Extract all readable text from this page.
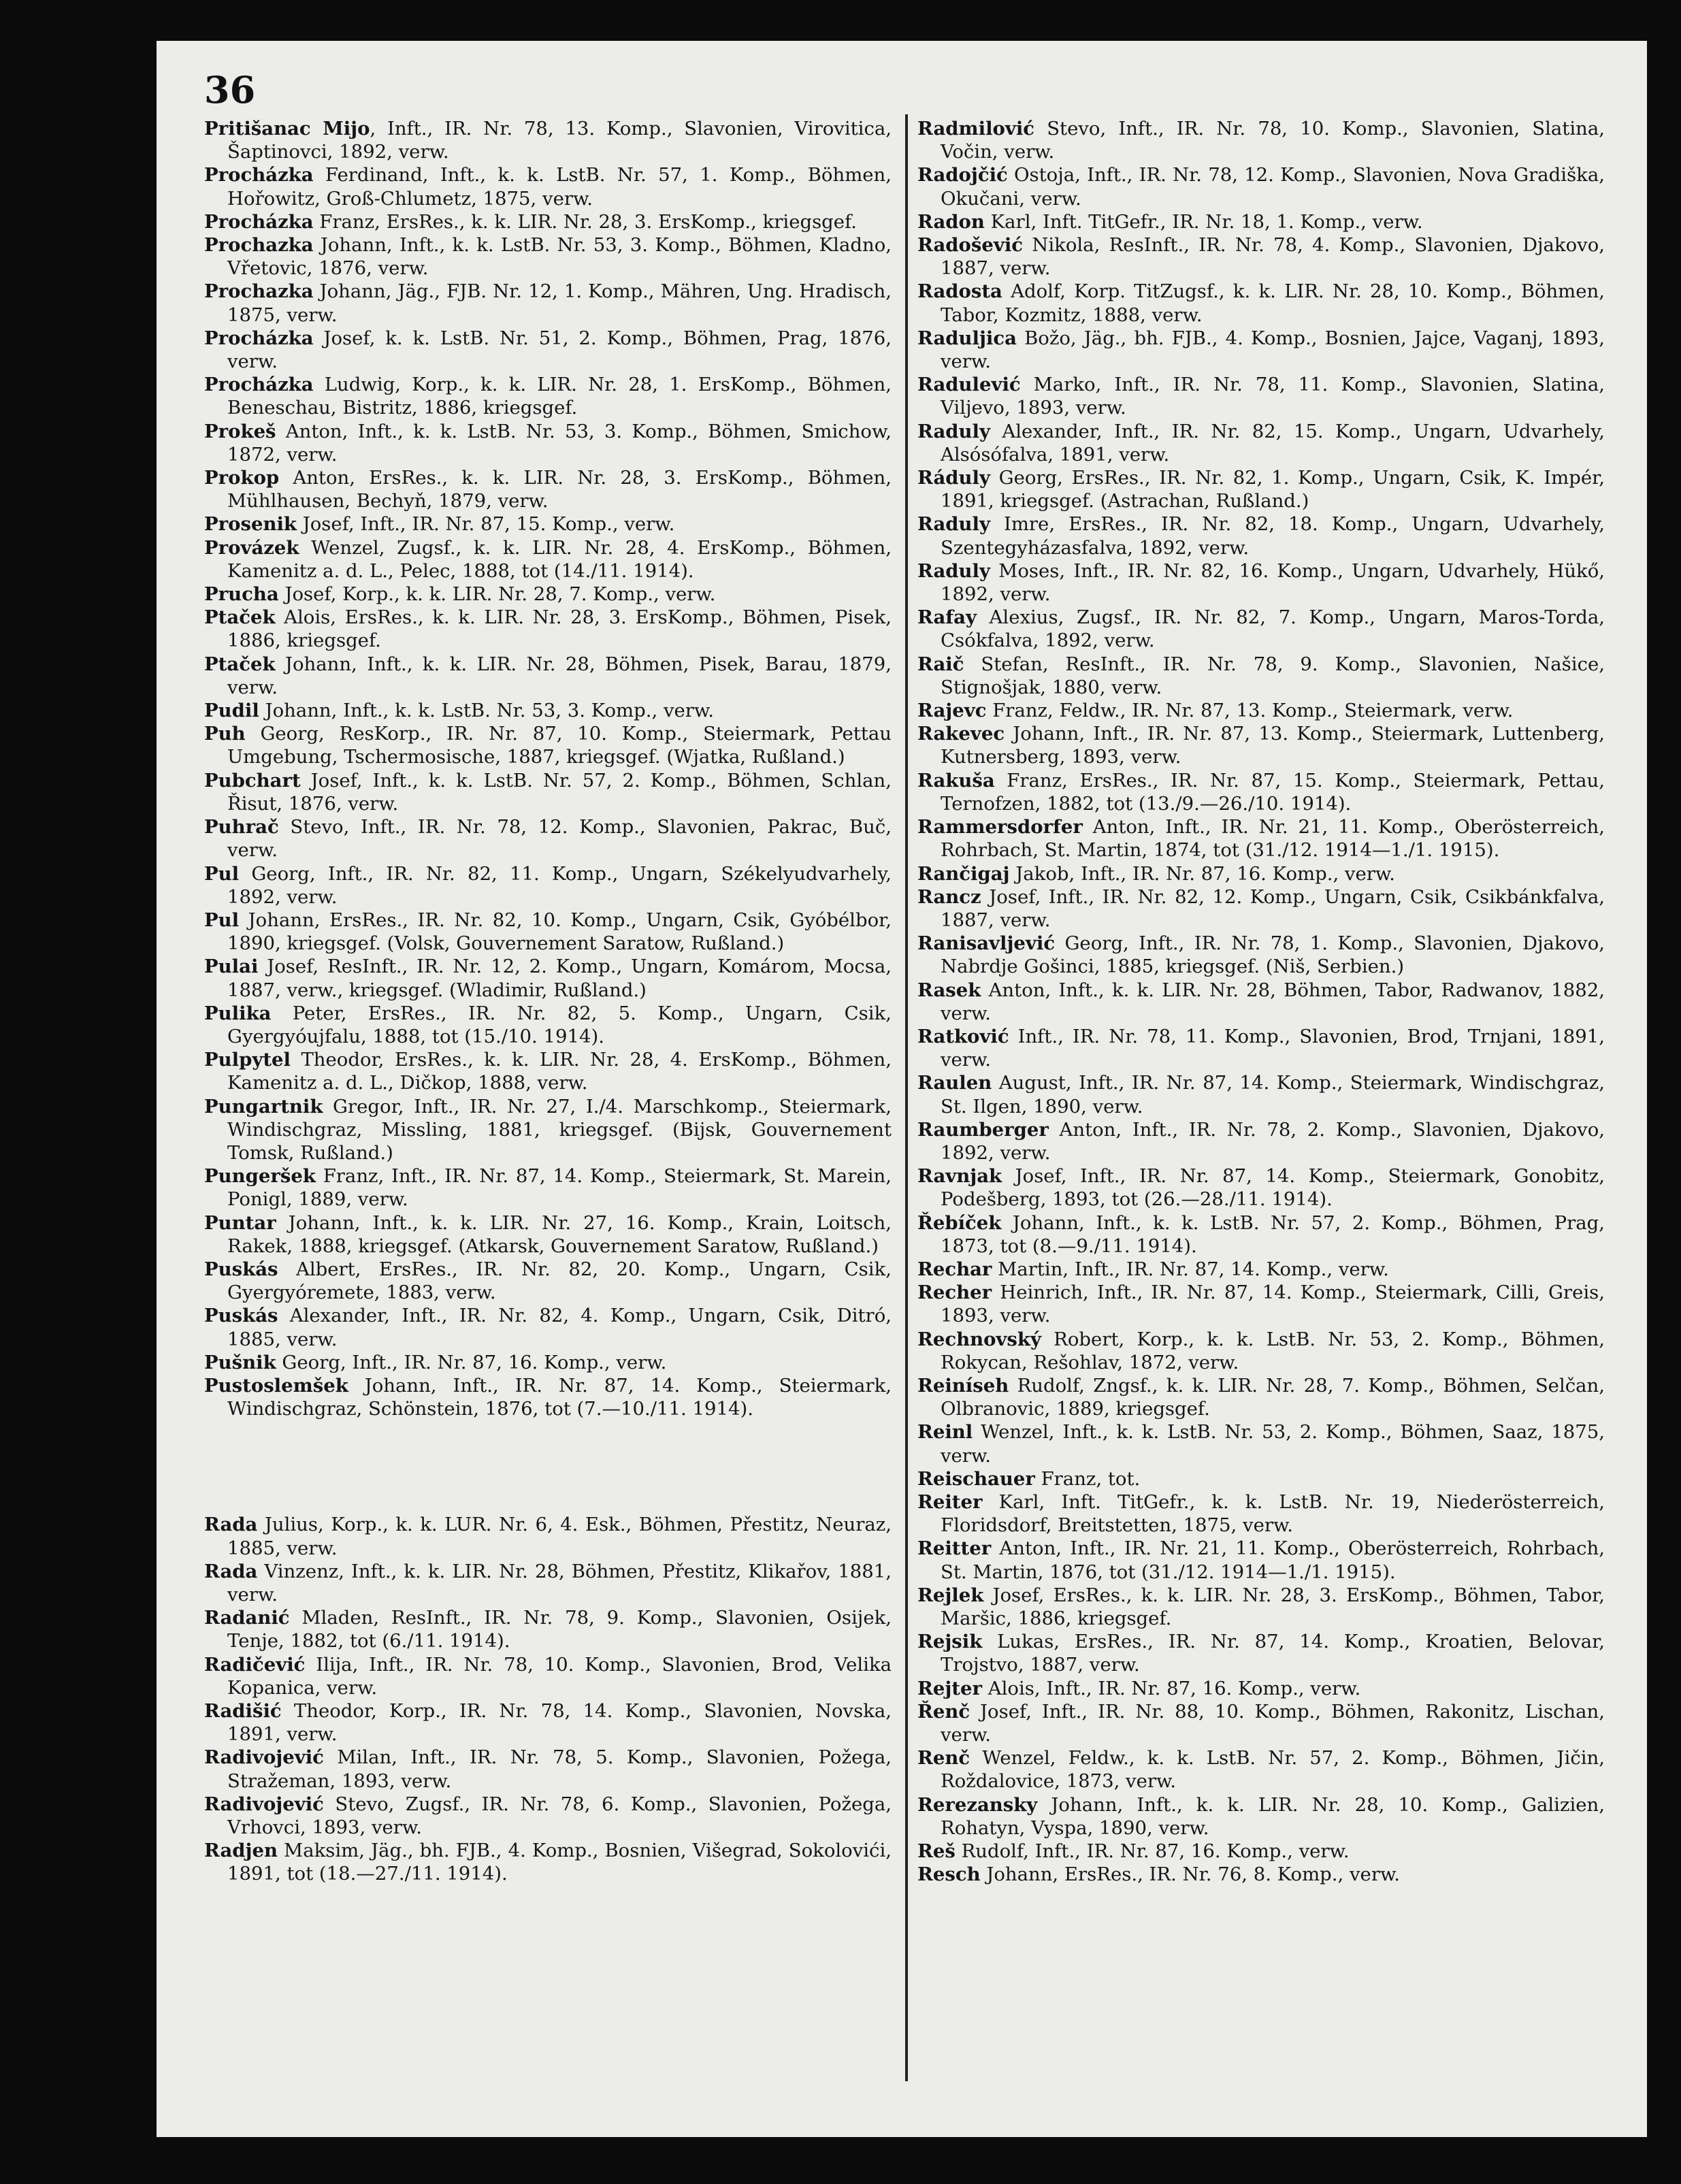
36

Pritišanac Mijo, Inft., IR. Nr. 78, 13. Komp., Slavonien, Virovitica, Šaptinovci, 1892, verw.

Procházka Ferdinand, Inft., k. k. LstB. Nr. 57, 1. Komp., Böhmen, Hořowitz, Groß-Chlumetz, 1875, verw.

Procházka Franz, ErsRes., k. k. LIR. Nr. 28, 3. ErsKomp., kriegsgef.

Prochazka Johann, Inft., k. k. LstB. Nr. 53, 3. Komp., Böhmen, Kladno, Vřetovic, 1876, verw.

Prochazka Johann, Jäg., FJB. Nr. 12, 1. Komp., Mähren, Ung. Hradisch, 1875, verw.

Procházka Josef, k. k. LstB. Nr. 51, 2. Komp., Böhmen, Prag, 1876, verw.

Procházka Ludwig, Korp., k. k. LIR. Nr. 28, 1. ErsKomp., Böhmen, Beneschau, Bistritz, 1886, kriegsgef.

Prokeš Anton, Inft., k. k. LstB. Nr. 53, 3. Komp., Böhmen, Smichow, 1872, verw.

Prokop Anton, ErsRes., k. k. LIR. Nr. 28, 3. ErsKomp., Böhmen, Mühlhausen, Bechyň, 1879, verw.

Prosenik Josef, Inft., IR. Nr. 87, 15. Komp., verw.

Provázek Wenzel, Zugsf., k. k. LIR. Nr. 28, 4. ErsKomp., Böhmen, Kamenitz a. d. L., Pelec, 1888, tot (14./11. 1914).

Prucha Josef, Korp., k. k. LIR. Nr. 28, 7. Komp., verw.

Ptaček Alois, ErsRes., k. k. LIR. Nr. 28, 3. ErsKomp., Böhmen, Pisek, 1886, kriegsgef.

Ptaček Johann, Inft., k. k. LIR. Nr. 28, Böhmen, Pisek, Barau, 1879, verw.

Pudil Johann, Inft., k. k. LstB. Nr. 53, 3. Komp., verw.

Puh Georg, ResKorp., IR. Nr. 87, 10. Komp., Steiermark, Pettau Umgebung, Tschermosische, 1887, kriegsgef. (Wjatka, Rußland.)

Pubchart Josef, Inft., k. k. LstB. Nr. 57, 2. Komp., Böhmen, Schlan, Řisut, 1876, verw.

Puhrač Stevo, Inft., IR. Nr. 78, 12. Komp., Slavonien, Pakrac, Buč, verw.

Pul Georg, Inft., IR. Nr. 82, 11. Komp., Ungarn, Székelyudvarhely, 1892, verw.

Pul Johann, ErsRes., IR. Nr. 82, 10. Komp., Ungarn, Csik, Gyóbélbor, 1890, kriegsgef. (Volsk, Gouvernement Saratow, Rußland.)

Pulai Josef, ResInft., IR. Nr. 12, 2. Komp., Ungarn, Komárom, Mocsa, 1887, verw., kriegsgef. (Wladimir, Rußland.)

Pulika Peter, ErsRes., IR. Nr. 82, 5. Komp., Ungarn, Csik, Gyergyóujfalu, 1888, tot (15./10. 1914).

Pulpytel Theodor, ErsRes., k. k. LIR. Nr. 28, 4. ErsKomp., Böhmen, Kamenitz a. d. L., Dičkop, 1888, verw.

Pungartnik Gregor, Inft., IR. Nr. 27, I./4. Marschkomp., Steiermark, Windischgraz, Missling, 1881, kriegsgef. (Bijsk, Gouvernement Tomsk, Rußland.)

Pungeršek Franz, Inft., IR. Nr. 87, 14. Komp., Steiermark, St. Marein, Ponigl, 1889, verw.

Puntar Johann, Inft., k. k. LIR. Nr. 27, 16. Komp., Krain, Loitsch, Rakek, 1888, kriegsgef. (Atkarsk, Gouvernement Saratow, Rußland.)

Puskás Albert, ErsRes., IR. Nr. 82, 20. Komp., Ungarn, Csik, Gyergyóremete, 1883, verw.

Puskás Alexander, Inft., IR. Nr. 82, 4. Komp., Ungarn, Csik, Ditró, 1885, verw.

Pušnik Georg, Inft., IR. Nr. 87, 16. Komp., verw.

Pustoslemšek Johann, Inft., IR. Nr. 87, 14. Komp., Steiermark, Windischgraz, Schönstein, 1876, tot (7.—10./11. 1914).

Rada Julius, Korp., k. k. LUR. Nr. 6, 4. Esk., Böhmen, Přestitz, Neuraz, 1885, verw.

Rada Vinzenz, Inft., k. k. LIR. Nr. 28, Böhmen, Přestitz, Klikařov, 1881, verw.

Radanić Mladen, ResInft., IR. Nr. 78, 9. Komp., Slavonien, Osijek, Tenje, 1882, tot (6./11. 1914).

Radičević Ilija, Inft., IR. Nr. 78, 10. Komp., Slavonien, Brod, Velika Kopanica, verw.

Radišić Theodor, Korp., IR. Nr. 78, 14. Komp., Slavonien, Novska, 1891, verw.

Radivojević Milan, Inft., IR. Nr. 78, 5. Komp., Slavonien, Požega, Stražeman, 1893, verw.

Radivojević Stevo, Zugsf., IR. Nr. 78, 6. Komp., Slavonien, Požega, Vrhovci, 1893, verw.

Radjen Maksim, Jäg., bh. FJB., 4. Komp., Bosnien, Višegrad, Sokolovići, 1891, tot (18.—27./11. 1914).

Radmilović Stevo, Inft., IR. Nr. 78, 10. Komp., Slavonien, Slatina, Vočin, verw.

Radojčić Ostoja, Inft., IR. Nr. 78, 12. Komp., Slavonien, Nova Gradiška, Okučani, verw.

Radon Karl, Inft. TitGefr., IR. Nr. 18, 1. Komp., verw.

Radošević Nikola, ResInft., IR. Nr. 78, 4. Komp., Slavonien, Djakovo, 1887, verw.

Radosta Adolf, Korp. TitZugsf., k. k. LIR. Nr. 28, 10. Komp., Böhmen, Tabor, Kozmitz, 1888, verw.

Raduljica Božo, Jäg., bh. FJB., 4. Komp., Bosnien, Jajce, Vaganj, 1893, verw.

Radulević Marko, Inft., IR. Nr. 78, 11. Komp., Slavonien, Slatina, Viljevo, 1893, verw.

Raduly Alexander, Inft., IR. Nr. 82, 15. Komp., Ungarn, Udvarhely, Alsósófalva, 1891, verw.

Ráduly Georg, ErsRes., IR. Nr. 82, 1. Komp., Ungarn, Csik, K. Impér, 1891, kriegsgef. (Astrachan, Rußland.)

Raduly Imre, ErsRes., IR. Nr. 82, 18. Komp., Ungarn, Udvarhely, Szentegyházasfalva, 1892, verw.

Raduly Moses, Inft., IR. Nr. 82, 16. Komp., Ungarn, Udvarhely, Hükő, 1892, verw.

Rafay Alexius, Zugsf., IR. Nr. 82, 7. Komp., Ungarn, Maros-Torda, Csókfalva, 1892, verw.

Raič Stefan, ResInft., IR. Nr. 78, 9. Komp., Slavonien, Našice, Stignošjak, 1880, verw.

Rajevc Franz, Feldw., IR. Nr. 87, 13. Komp., Steiermark, verw.

Rakevec Johann, Inft., IR. Nr. 87, 13. Komp., Steiermark, Luttenberg, Kutnersberg, 1893, verw.

Rakuša Franz, ErsRes., IR. Nr. 87, 15. Komp., Steiermark, Pettau, Ternofzen, 1882, tot (13./9.—26./10. 1914).

Rammersdorfer Anton, Inft., IR. Nr. 21, 11. Komp., Oberösterreich, Rohrbach, St. Martin, 1874, tot (31./12. 1914—1./1. 1915).

Rančigaj Jakob, Inft., IR. Nr. 87, 16. Komp., verw.

Rancz Josef, Inft., IR. Nr. 82, 12. Komp., Ungarn, Csik, Csikbánkfalva, 1887, verw.

Ranisavljević Georg, Inft., IR. Nr. 78, 1. Komp., Slavonien, Djakovo, Nabrdje Gošinci, 1885, kriegsgef. (Niš, Serbien.)

Rasek Anton, Inft., k. k. LIR. Nr. 28, Böhmen, Tabor, Radwanov, 1882, verw.

Ratković Inft., IR. Nr. 78, 11. Komp., Slavonien, Brod, Trnjani, 1891, verw.

Raulen August, Inft., IR. Nr. 87, 14. Komp., Steiermark, Windischgraz, St. Ilgen, 1890, verw.

Raumberger Anton, Inft., IR. Nr. 78, 2. Komp., Slavonien, Djakovo, 1892, verw.

Ravnjak Josef, Inft., IR. Nr. 87, 14. Komp., Steiermark, Gonobitz, Podešberg, 1893, tot (26.—28./11. 1914).

Řebíček Johann, Inft., k. k. LstB. Nr. 57, 2. Komp., Böhmen, Prag, 1873, tot (8.—9./11. 1914).

Rechar Martin, Inft., IR. Nr. 87, 14. Komp., verw.

Recher Heinrich, Inft., IR. Nr. 87, 14. Komp., Steiermark, Cilli, Greis, 1893, verw.

Rechnovský Robert, Korp., k. k. LstB. Nr. 53, 2. Komp., Böhmen, Rokycan, Rešohlav, 1872, verw.

Reiníseh Rudolf, Zngsf., k. k. LIR. Nr. 28, 7. Komp., Böhmen, Selčan, Olbranovic, 1889, kriegsgef.

Reinl Wenzel, Inft., k. k. LstB. Nr. 53, 2. Komp., Böhmen, Saaz, 1875, verw.

Reischauer Franz, tot.

Reiter Karl, Inft. TitGefr., k. k. LstB. Nr. 19, Niederösterreich, Floridsdorf, Breitstetten, 1875, verw.

Reitter Anton, Inft., IR. Nr. 21, 11. Komp., Oberösterreich, Rohrbach, St. Martin, 1876, tot (31./12. 1914—1./1. 1915).

Rejlek Josef, ErsRes., k. k. LIR. Nr. 28, 3. ErsKomp., Böhmen, Tabor, Maršic, 1886, kriegsgef.

Rejsik Lukas, ErsRes., IR. Nr. 87, 14. Komp., Kroatien, Belovar, Trojstvo, 1887, verw.

Rejter Alois, Inft., IR. Nr. 87, 16. Komp., verw.

Řenč Josef, Inft., IR. Nr. 88, 10. Komp., Böhmen, Rakonitz, Lischan, verw.

Renč Wenzel, Feldw., k. k. LstB. Nr. 57, 2. Komp., Böhmen, Jičin, Roždalovice, 1873, verw.

Rerezansky Johann, Inft., k. k. LIR. Nr. 28, 10. Komp., Galizien, Rohatyn, Vyspa, 1890, verw.

Reš Rudolf, Inft., IR. Nr. 87, 16. Komp., verw.

Resch Johann, ErsRes., IR. Nr. 76, 8. Komp., verw.
